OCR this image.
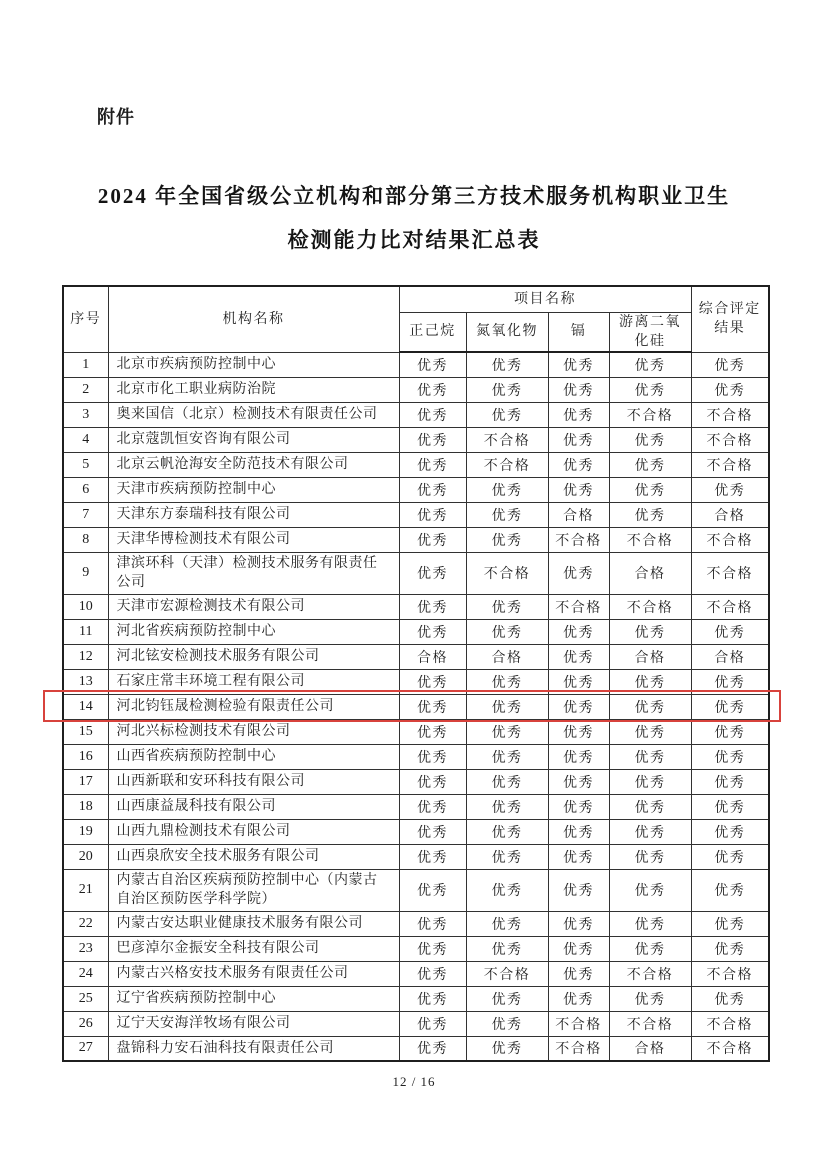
附件
2024 年全国省级公立机构和部分第三方技术服务机构职业卫生
检测能力比对结果汇总表
序号	机构名称	项目名称				综合评定结果
		正己烷	氮氧化物	镉	游离二氧化硅	
1	北京市疾病预防控制中心	优秀	优秀	优秀	优秀	优秀
2	北京市化工职业病防治院	优秀	优秀	优秀	优秀	优秀
3	奥来国信（北京）检测技术有限责任公司	优秀	优秀	优秀	不合格	不合格
4	北京蔻凯恒安咨询有限公司	优秀	不合格	优秀	优秀	不合格
5	北京云帆沧海安全防范技术有限公司	优秀	不合格	优秀	优秀	不合格
6	天津市疾病预防控制中心	优秀	优秀	优秀	优秀	优秀
7	天津东方泰瑞科技有限公司	优秀	优秀	合格	优秀	合格
8	天津华博检测技术有限公司	优秀	优秀	不合格	不合格	不合格
9	津滨环科（天津）检测技术服务有限责任公司	优秀	不合格	优秀	合格	不合格
10	天津市宏源检测技术有限公司	优秀	优秀	不合格	不合格	不合格
11	河北省疾病预防控制中心	优秀	优秀	优秀	优秀	优秀
12	河北铉安检测技术服务有限公司	合格	合格	优秀	合格	合格
13	石家庄常丰环境工程有限公司	优秀	优秀	优秀	优秀	优秀
14	河北钧钰晟检测检验有限责任公司	优秀	优秀	优秀	优秀	优秀
15	河北兴标检测技术有限公司	优秀	优秀	优秀	优秀	优秀
16	山西省疾病预防控制中心	优秀	优秀	优秀	优秀	优秀
17	山西新联和安环科技有限公司	优秀	优秀	优秀	优秀	优秀
18	山西康益晟科技有限公司	优秀	优秀	优秀	优秀	优秀
19	山西九鼎检测技术有限公司	优秀	优秀	优秀	优秀	优秀
20	山西泉欣安全技术服务有限公司	优秀	优秀	优秀	优秀	优秀
21	内蒙古自治区疾病预防控制中心（内蒙古自治区预防医学科学院）	优秀	优秀	优秀	优秀	优秀
22	内蒙古安达职业健康技术服务有限公司	优秀	优秀	优秀	优秀	优秀
23	巴彦淖尔金振安全科技有限公司	优秀	优秀	优秀	优秀	优秀
24	内蒙古兴格安技术服务有限责任公司	优秀	不合格	优秀	不合格	不合格
25	辽宁省疾病预防控制中心	优秀	优秀	优秀	优秀	优秀
26	辽宁天安海洋牧场有限公司	优秀	优秀	不合格	不合格	不合格
27	盘锦科力安石油科技有限责任公司	优秀	优秀	不合格	合格	不合格
12 / 16
